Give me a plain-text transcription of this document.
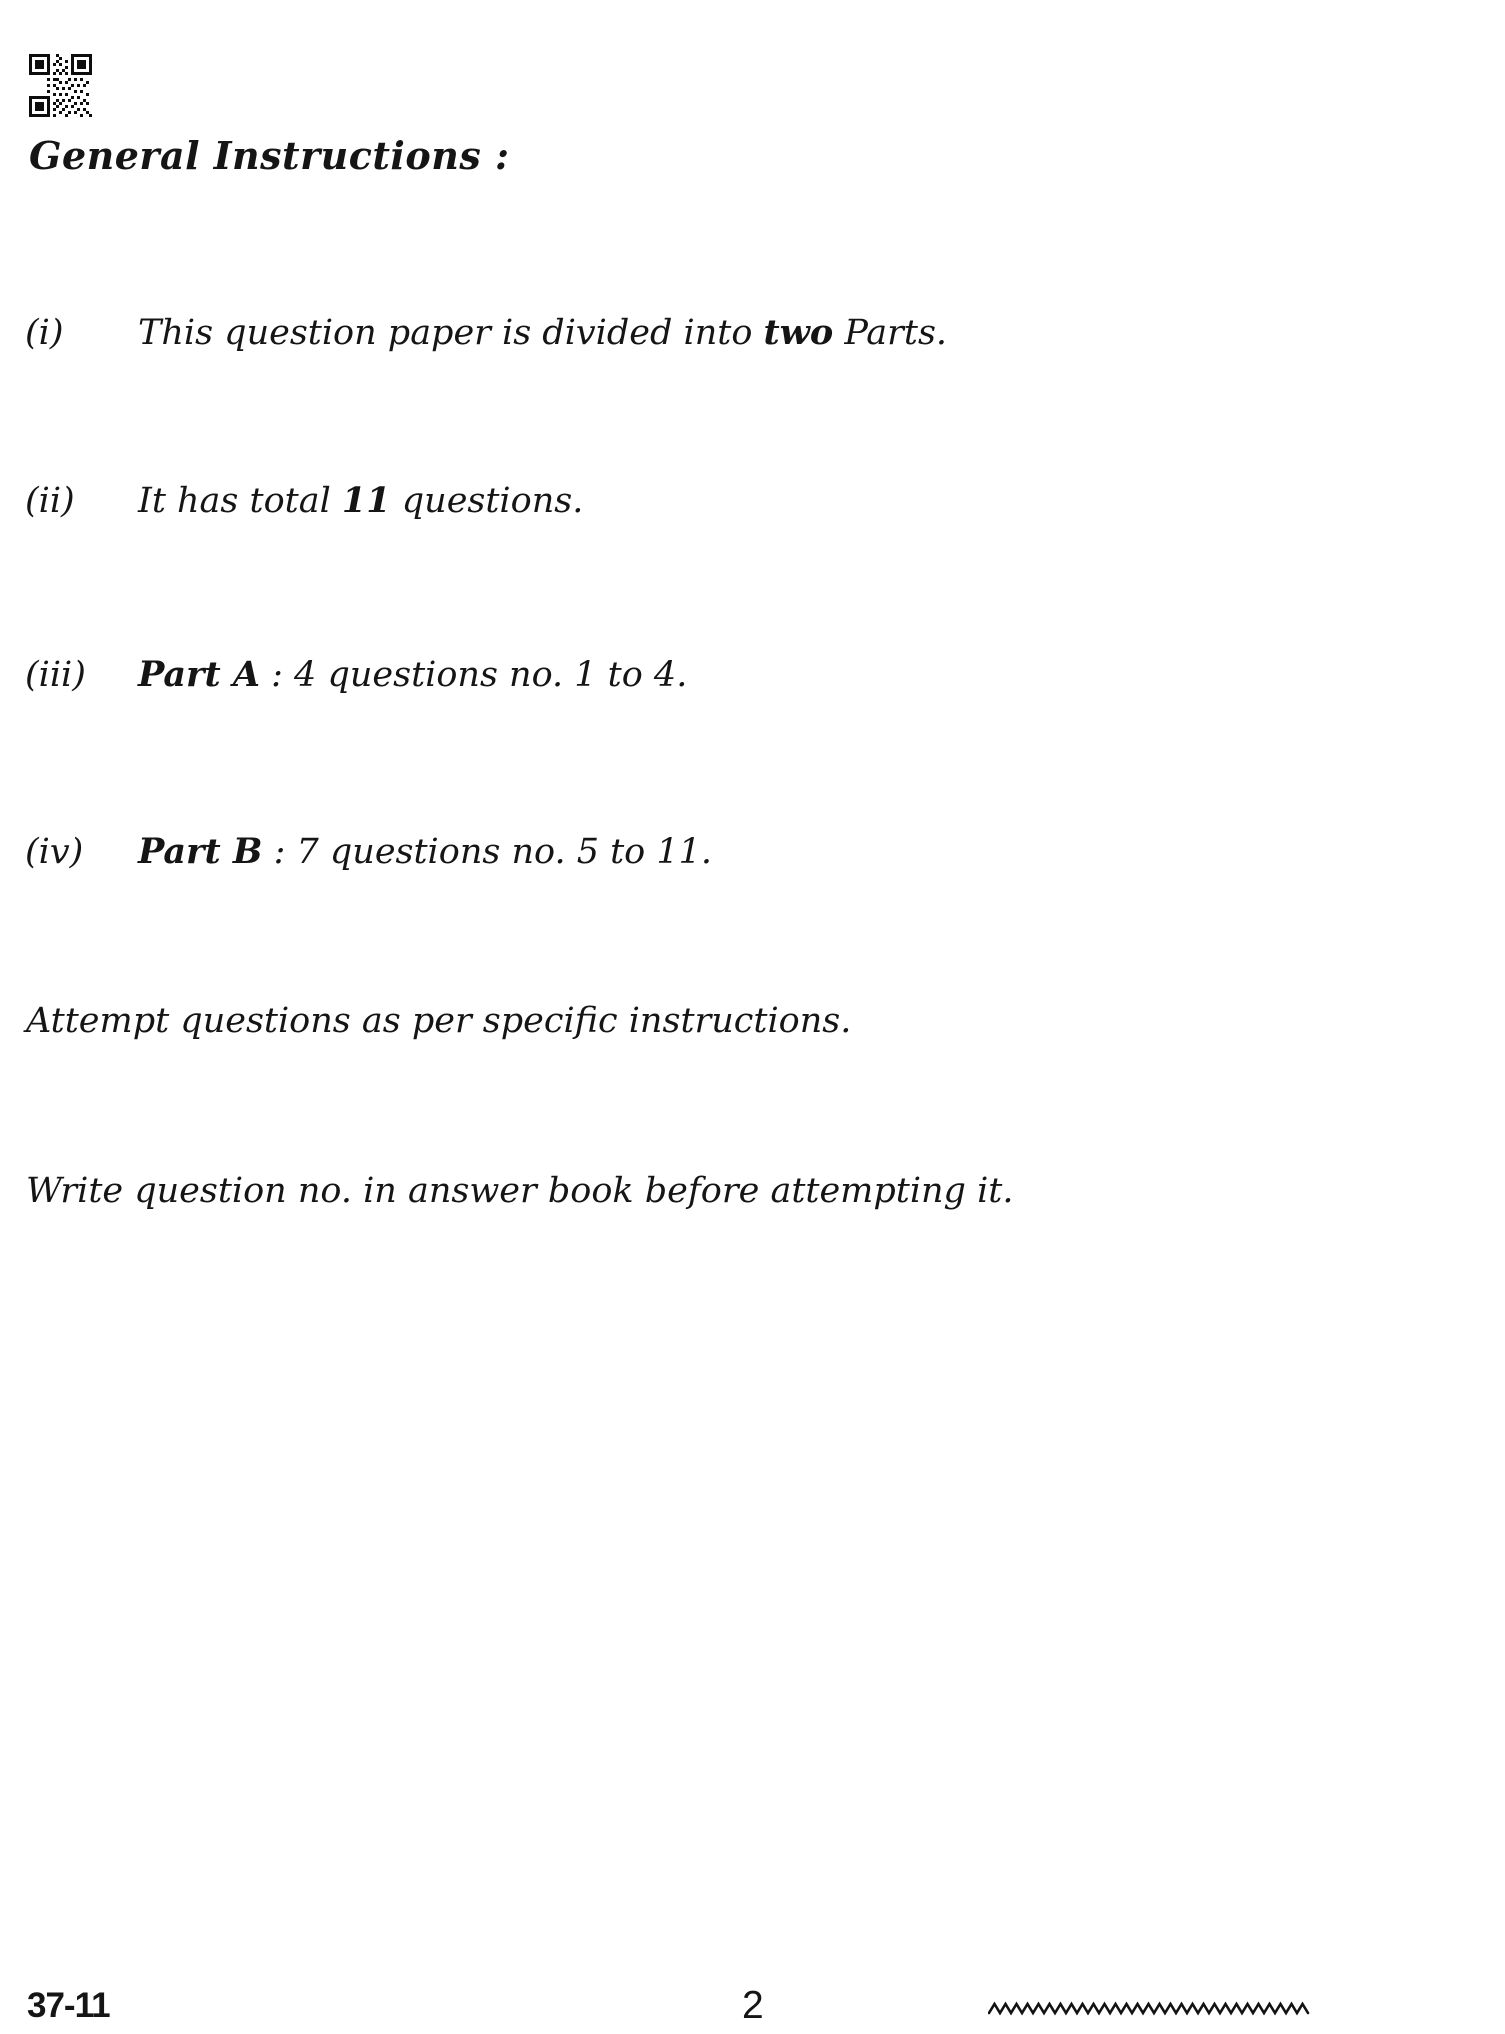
General Instructions :
(i) This question paper is divided into two Parts.
(ii) It has total 11 questions.
(iii) Part A : 4 questions no. 1 to 4.
(iv) Part B : 7 questions no. 5 to 11.
Attempt questions as per specific instructions.
Write question no. in answer book before attempting it.
37-11	2
